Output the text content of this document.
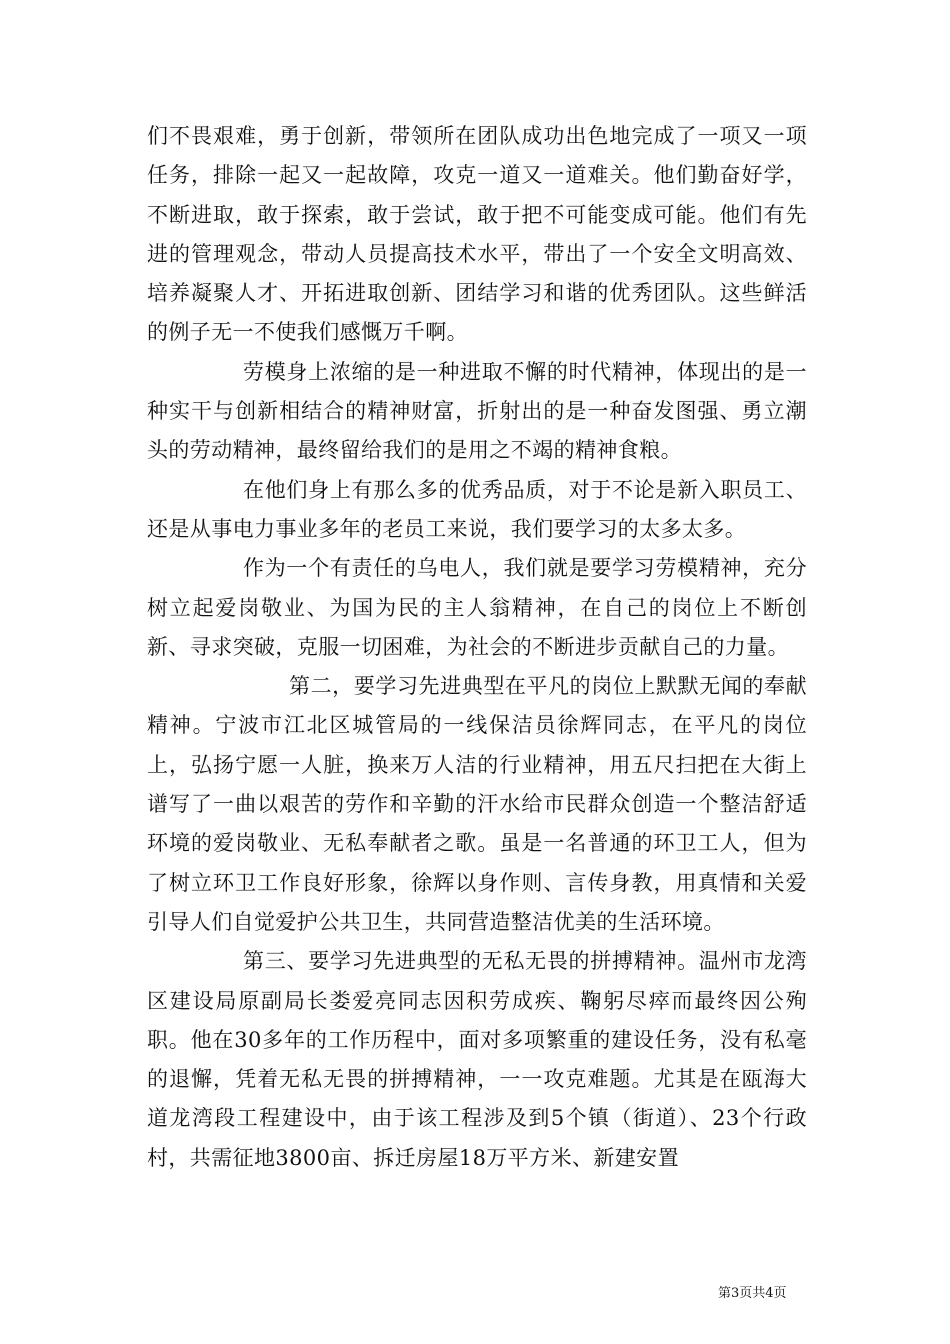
们不畏艰难，勇于创新，带领所在团队成功出色地完成了一项又一项任务，排除一起又一起故障，攻克一道又一道难关。他们勤奋好学，不断进取，敢于探索，敢于尝试，敢于把不可能变成可能。他们有先进的管理观念，带动人员提高技术水平，带出了一个安全文明高效、培养凝聚人才、开拓进取创新、团结学习和谐的优秀团队。这些鲜活的例子无一不使我们感慨万千啊。

劳模身上浓缩的是一种进取不懈的时代精神，体现出的是一种实干与创新相结合的精神财富，折射出的是一种奋发图强、勇立潮头的劳动精神，最终留给我们的是用之不竭的精神食粮。

在他们身上有那么多的优秀品质，对于不论是新入职员工、还是从事电力事业多年的老员工来说，我们要学习的太多太多。

作为一个有责任的乌电人，我们就是要学习劳模精神，充分树立起爱岗敬业、为国为民的主人翁精神，在自己的岗位上不断创新、寻求突破，克服一切困难，为社会的不断进步贡献自己的力量。

第二，要学习先进典型在平凡的岗位上默默无闻的奉献精神。宁波市江北区城管局的一线保洁员徐辉同志，在平凡的岗位上，弘扬宁愿一人脏，换来万人洁的行业精神，用五尺扫把在大街上谱写了一曲以艰苦的劳作和辛勤的汗水给市民群众创造一个整洁舒适环境的爱岗敬业、无私奉献者之歌。虽是一名普通的环卫工人，但为了树立环卫工作良好形象，徐辉以身作则、言传身教，用真情和关爱引导人们自觉爱护公共卫生，共同营造整洁优美的生活环境。

第三、要学习先进典型的无私无畏的拼搏精神。温州市龙湾区建设局原副局长娄爱亮同志因积劳成疾、鞠躬尽瘁而最终因公殉职。他在30多年的工作历程中，面对多项繁重的建设任务，没有私毫的退懈，凭着无私无畏的拼搏精神，一一攻克难题。尤其是在瓯海大道龙湾段工程建设中，由于该工程涉及到5个镇（街道）、23个行政村，共需征地3800亩、拆迁房屋18万平方米、新建安置

第3页共4页
